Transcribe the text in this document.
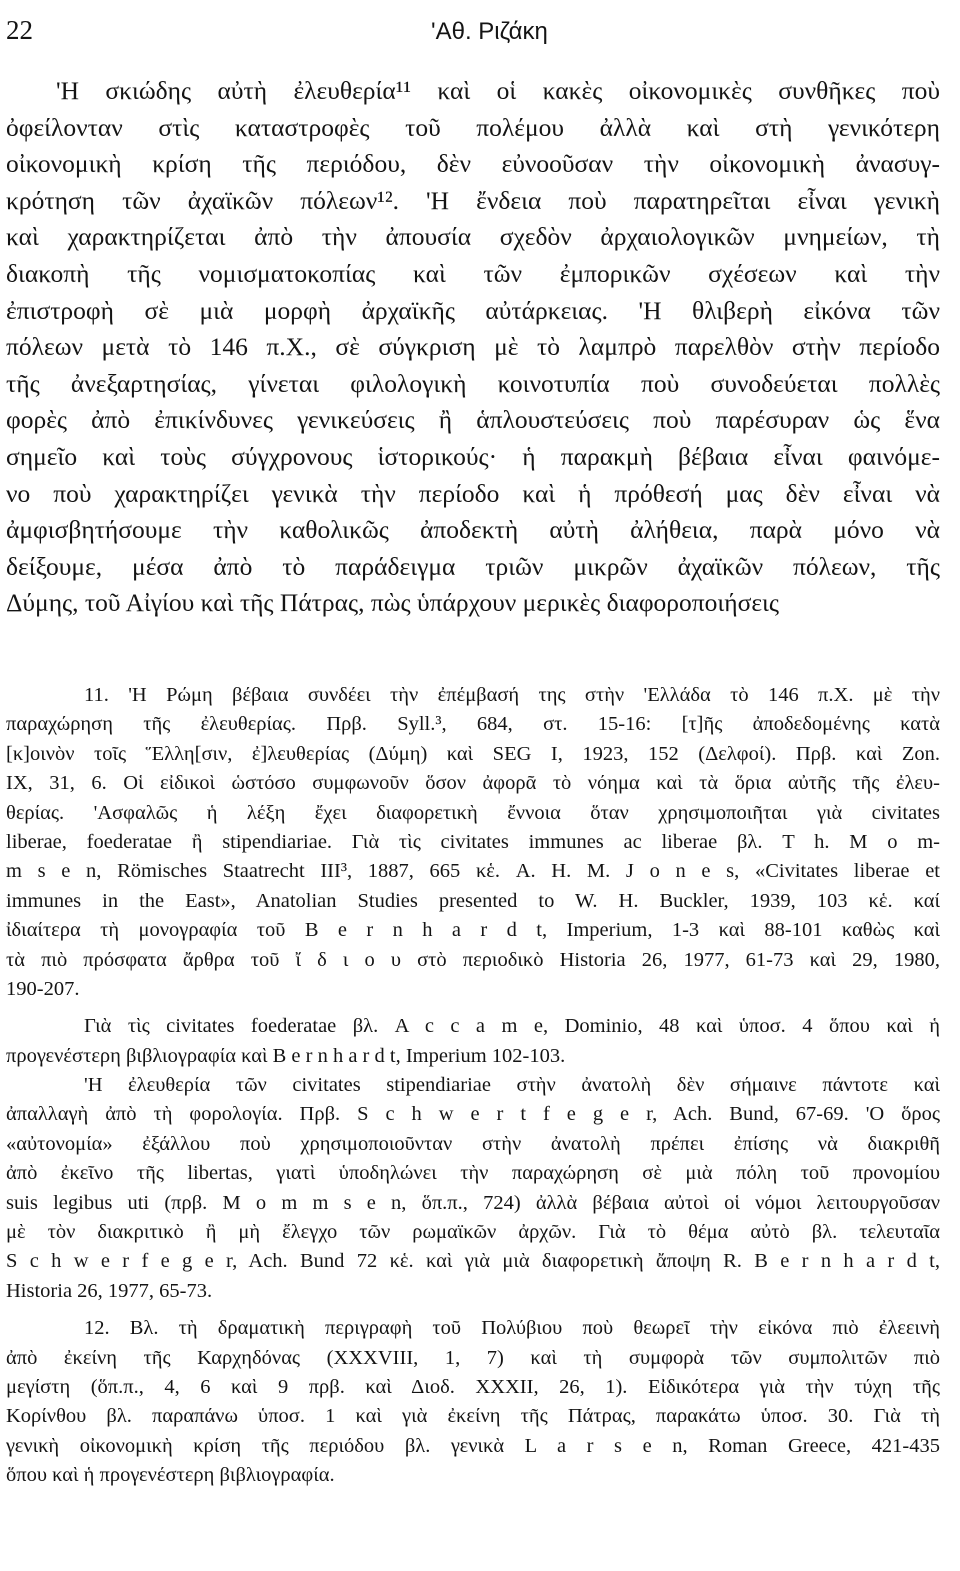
22	'Αθ. Ριζάκη
'Η σκιώδης αὐτὴ ἐλευθερία¹¹ καὶ οἱ κακὲς οἰκονομικὲς συνθῆκες ποὺ
ὀφείλονταν στὶς καταστροφὲς τοῦ πολέμου ἀλλὰ καὶ στὴ γενικότερη
οἰκονομικὴ κρίση τῆς περιόδου, δὲν εὐνοοῦσαν τὴν οἰκονομικὴ ἀνασυγ-
κρότηση τῶν ἀχαϊκῶν πόλεων¹². 'Η ἔνδεια ποὺ παρατηρεῖται εἶναι γενικὴ
καὶ χαρακτηρίζεται ἀπὸ τὴν ἀπουσία σχεδὸν ἀρχαιολογικῶν μνημείων, τὴ
διακοπὴ τῆς νομισματοκοπίας καὶ τῶν ἐμπορικῶν σχέσεων καὶ τὴν
ἐπιστροφὴ σὲ μιὰ μορφὴ ἀρχαϊκῆς αὐτάρκειας. 'Η θλιβερὴ εἰκόνα τῶν
πόλεων μετὰ τὸ 146 π.Χ., σὲ σύγκριση μὲ τὸ λαμπρὸ παρελθὸν στὴν περίοδο
τῆς ἀνεξαρτησίας, γίνεται φιλολογικὴ κοινοτυπία ποὺ συνοδεύεται πολλὲς
φορὲς ἀπὸ ἐπικίνδυνες γενικεύσεις ἢ ἁπλουστεύσεις ποὺ παρέσυραν ὡς ἕνα
σημεῖο καὶ τοὺς σύγχρονους ἱστορικούς· ἡ παρακμὴ βέβαια εἶναι φαινόμε-
νο ποὺ χαρακτηρίζει γενικὰ τὴν περίοδο καὶ ἡ πρόθεσή μας δὲν εἶναι νὰ
ἀμφισβητήσουμε τὴν καθολικῶς ἀποδεκτὴ αὐτὴ ἀλήθεια, παρὰ μόνο νὰ
δείξουμε, μέσα ἀπὸ τὸ παράδειγμα τριῶν μικρῶν ἀχαϊκῶν πόλεων, τῆς
Δύμης, τοῦ Αἰγίου καὶ τῆς Πάτρας, πὼς ὑπάρχουν μερικὲς διαφοροποιήσεις
11. 'Η Ρώμη βέβαια συνδέει τὴν ἐπέμβασή της στὴν 'Ελλάδα τὸ 146 π.Χ. μὲ τὴν
παραχώρηση τῆς ἐλευθερίας. Πρβ. Syll.³, 684, στ. 15-16: [τ]ῆς ἀποδεδομένης κατὰ
[κ]οινὸν τοῖς Ἕλλη[σιν, ἐ]λευθερίας (Δύμη) καὶ SEG I, 1923, 152 (Δελφοί). Πρβ. καὶ Zon.
IX, 31, 6. Οἱ εἰδικοὶ ὡστόσο συμφωνοῦν ὅσον ἀφορᾶ τὸ νόημα καὶ τὰ ὅρια αὐτῆς τῆς ἐλευ-
θερίας. 'Ασφαλῶς ἡ λέξη ἔχει διαφορετικὴ ἔννοια ὅταν χρησιμοποιῆται γιὰ civitates
liberae, foederatae ἢ stipendiariae. Γιὰ τὶς civitates immunes ac liberae βλ. T h. M o m-
m s e n, Römisches Staatrecht III³, 1887, 665 κἑ. A. H. M. J o n e s, «Civitates liberae et
immunes in the East», Anatolian Studies presented to W. H. Buckler, 1939, 103 κἑ. καί
ἰδιαίτερα τὴ μονογραφία τοῦ B e r n h a r d t, Imperium, 1-3 καὶ 88-101 καθὼς καὶ
τὰ πιὸ πρόσφατα ἄρθρα τοῦ ἴ δ ι ο υ στὸ περιοδικὸ Historia 26, 1977, 61-73 καὶ 29, 1980,
190-207.
Γιὰ τὶς civitates foederatae βλ. A c c a m e, Dominio, 48 καὶ ὑποσ. 4 ὅπου καὶ ἡ
προγενέστερη βιβλιογραφία καὶ B e r n h a r d t, Imperium 102-103.
'Η ἐλευθερία τῶν civitates stipendiariae στὴν ἀνατολὴ δὲν σήμαινε πάντοτε καὶ
ἀπαλλαγὴ ἀπὸ τὴ φορολογία. Πρβ. S c h w e r t f e g e r, Ach. Bund, 67-69. 'Ο ὅρος
«αὐτονομία» ἐξάλλου ποὺ χρησιμοποιοῦνταν στὴν ἀνατολὴ πρέπει ἐπίσης νὰ διακριθῆ
ἀπὸ ἐκεῖνο τῆς libertas, γιατὶ ὑποδηλώνει τὴν παραχώρηση σὲ μιὰ πόλη τοῦ προνομίου
suis legibus uti (πρβ. M o m m s e n, ὅπ.π., 724) ἀλλὰ βέβαια αὐτοὶ οἱ νόμοι λειτουργοῦσαν
μὲ τὸν διακριτικὸ ἢ μὴ ἔλεγχο τῶν ρωμαϊκῶν ἀρχῶν. Γιὰ τὸ θέμα αὐτὸ βλ. τελευταῖα
S c h w e r f e g e r, Ach. Bund 72 κἑ. καὶ γιὰ μιὰ διαφορετικὴ ἄποψη R. B e r n h a r d t,
Historia 26, 1977, 65-73.
12. Βλ. τὴ δραματικὴ περιγραφὴ τοῦ Πολύβιου ποὺ θεωρεῖ τὴν εἰκόνα πιὸ ἐλεεινὴ
ἀπὸ ἐκείνη τῆς Καρχηδόνας (XXXVIII, 1, 7) καὶ τὴ συμφορὰ τῶν συμπολιτῶν πιὸ
μεγίστη (ὅπ.π., 4, 6 καὶ 9 πρβ. καὶ Διοδ. XXXII, 26, 1). Εἰδικότερα γιὰ τὴν τύχη τῆς
Κορίνθου βλ. παραπάνω ὑποσ. 1 καὶ γιὰ ἐκείνη τῆς Πάτρας, παρακάτω ὑποσ. 30. Γιὰ τὴ
γενικὴ οἰκονομικὴ κρίση τῆς περιόδου βλ. γενικὰ L a r s e n, Roman Greece, 421-435
ὅπου καὶ ἡ προγενέστερη βιβλιογραφία.
